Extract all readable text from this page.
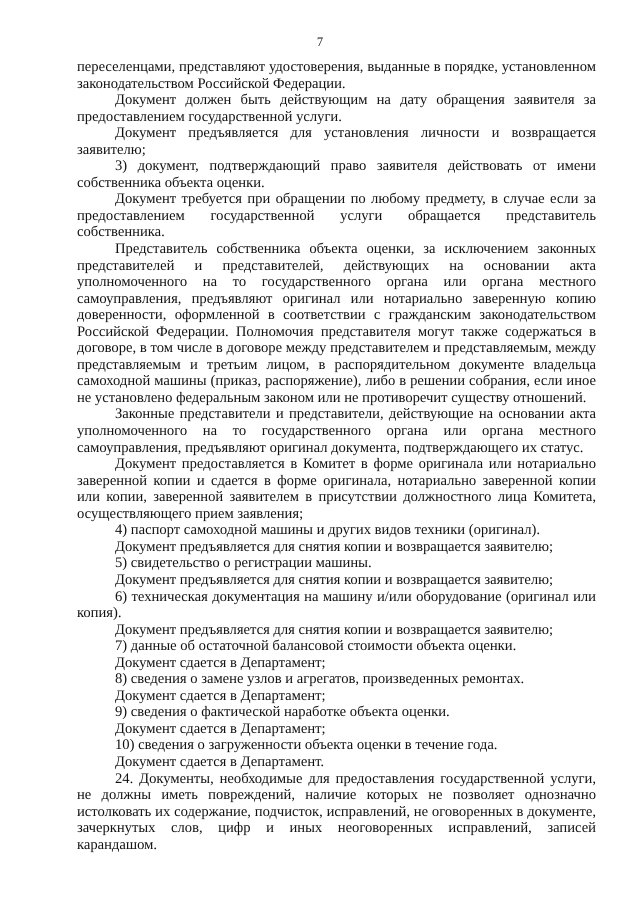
7

переселенцами, представляют удостоверения, выданные в порядке, установленном законодательством Российской Федерации.

Документ должен быть действующим на дату обращения заявителя за предоставлением государственной услуги.

Документ предъявляется для установления личности и возвращается заявителю;

3) документ, подтверждающий право заявителя действовать от имени собственника объекта оценки.

Документ требуется при обращении по любому предмету, в случае если за предоставлением государственной услуги обращается представитель собственника.

Представитель собственника объекта оценки, за исключением законных представителей и представителей, действующих на основании акта уполномоченного на то государственного органа или органа местного самоуправления, предъявляют оригинал или нотариально заверенную копию доверенности, оформленной в соответствии с гражданским законодательством Российской Федерации. Полномочия представителя могут также содержаться в договоре, в том числе в договоре между представителем и представляемым, между представляемым и третьим лицом, в распорядительном документе владельца самоходной машины (приказ, распоряжение), либо в решении собрания, если иное не установлено федеральным законом или не противоречит существу отношений.

Законные представители и представители, действующие на основании акта уполномоченного на то государственного органа или органа местного самоуправления, предъявляют оригинал документа, подтверждающего их статус.

Документ предоставляется в Комитет в форме оригинала или нотариально заверенной копии и сдается в форме оригинала, нотариально заверенной копии или копии, заверенной заявителем в присутствии должностного лица Комитета, осуществляющего прием заявления;

4) паспорт самоходной машины и других видов техники (оригинал).

Документ предъявляется для снятия копии и возвращается заявителю;

5) свидетельство о регистрации машины.

Документ предъявляется для снятия копии и возвращается заявителю;

6) техническая документация на машину и/или оборудование (оригинал или копия).

Документ предъявляется для снятия копии и возвращается заявителю;

7) данные об остаточной балансовой стоимости объекта оценки.

Документ сдается в Департамент;

8) сведения о замене узлов и агрегатов, произведенных ремонтах.

Документ сдается в Департамент;

9) сведения о фактической наработке объекта оценки.

Документ сдается в Департамент;

10) сведения о загруженности объекта оценки в течение года.

Документ сдается в Департамент.

24. Документы, необходимые для предоставления государственной услуги, не должны иметь повреждений, наличие которых не позволяет однозначно истолковать их содержание, подчисток, исправлений, не оговоренных в документе, зачеркнутых слов, цифр и иных неоговоренных исправлений, записей карандашом.
